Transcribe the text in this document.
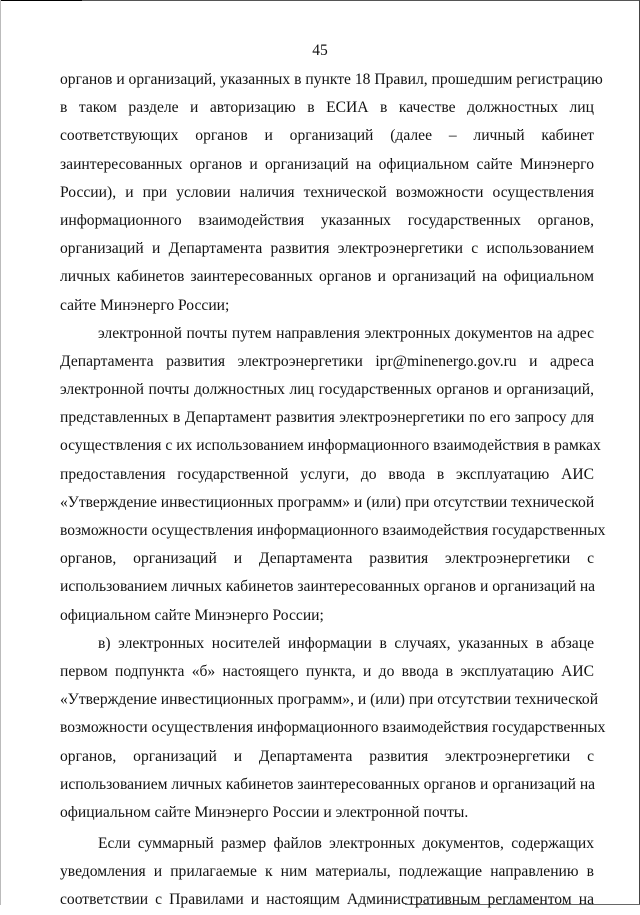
45
органов и организаций, указанных в пункте 18 Правил, прошедшим регистрацию
в таком разделе и авторизацию в ЕСИА в качестве должностных лиц
соответствующих органов и организаций (далее – личный кабинет
заинтересованных органов и организаций на официальном сайте Минэнерго
России), и при условии наличия технической возможности осуществления
информационного взаимодействия указанных государственных органов,
организаций и Департамента развития электроэнергетики с использованием
личных кабинетов заинтересованных органов и организаций на официальном
сайте Минэнерго России;
электронной почты путем направления электронных документов на адрес
Департамента развития электроэнергетики ipr@minenergo.gov.ru и адреса
электронной почты должностных лиц государственных органов и организаций,
представленных в Департамент развития электроэнергетики по его запросу для
осуществления с их использованием информационного взаимодействия в рамках
предоставления государственной услуги, до ввода в эксплуатацию АИС
«Утверждение инвестиционных программ» и (или) при отсутствии технической
возможности осуществления информационного взаимодействия государственных
органов, организаций и Департамента развития электроэнергетики с
использованием личных кабинетов заинтересованных органов и организаций на
официальном сайте Минэнерго России;
в) электронных носителей информации в случаях, указанных в абзаце
первом подпункта «б» настоящего пункта, и до ввода в эксплуатацию АИС
«Утверждение инвестиционных программ», и (или) при отсутствии технической
возможности осуществления информационного взаимодействия государственных
органов, организаций и Департамента развития электроэнергетики с
использованием личных кабинетов заинтересованных органов и организаций на
официальном сайте Минэнерго России и электронной почты.
Если суммарный размер файлов электронных документов, содержащих
уведомления и прилагаемые к ним материалы, подлежащие направлению в
соответствии с Правилами и настоящим Административным регламентом на
